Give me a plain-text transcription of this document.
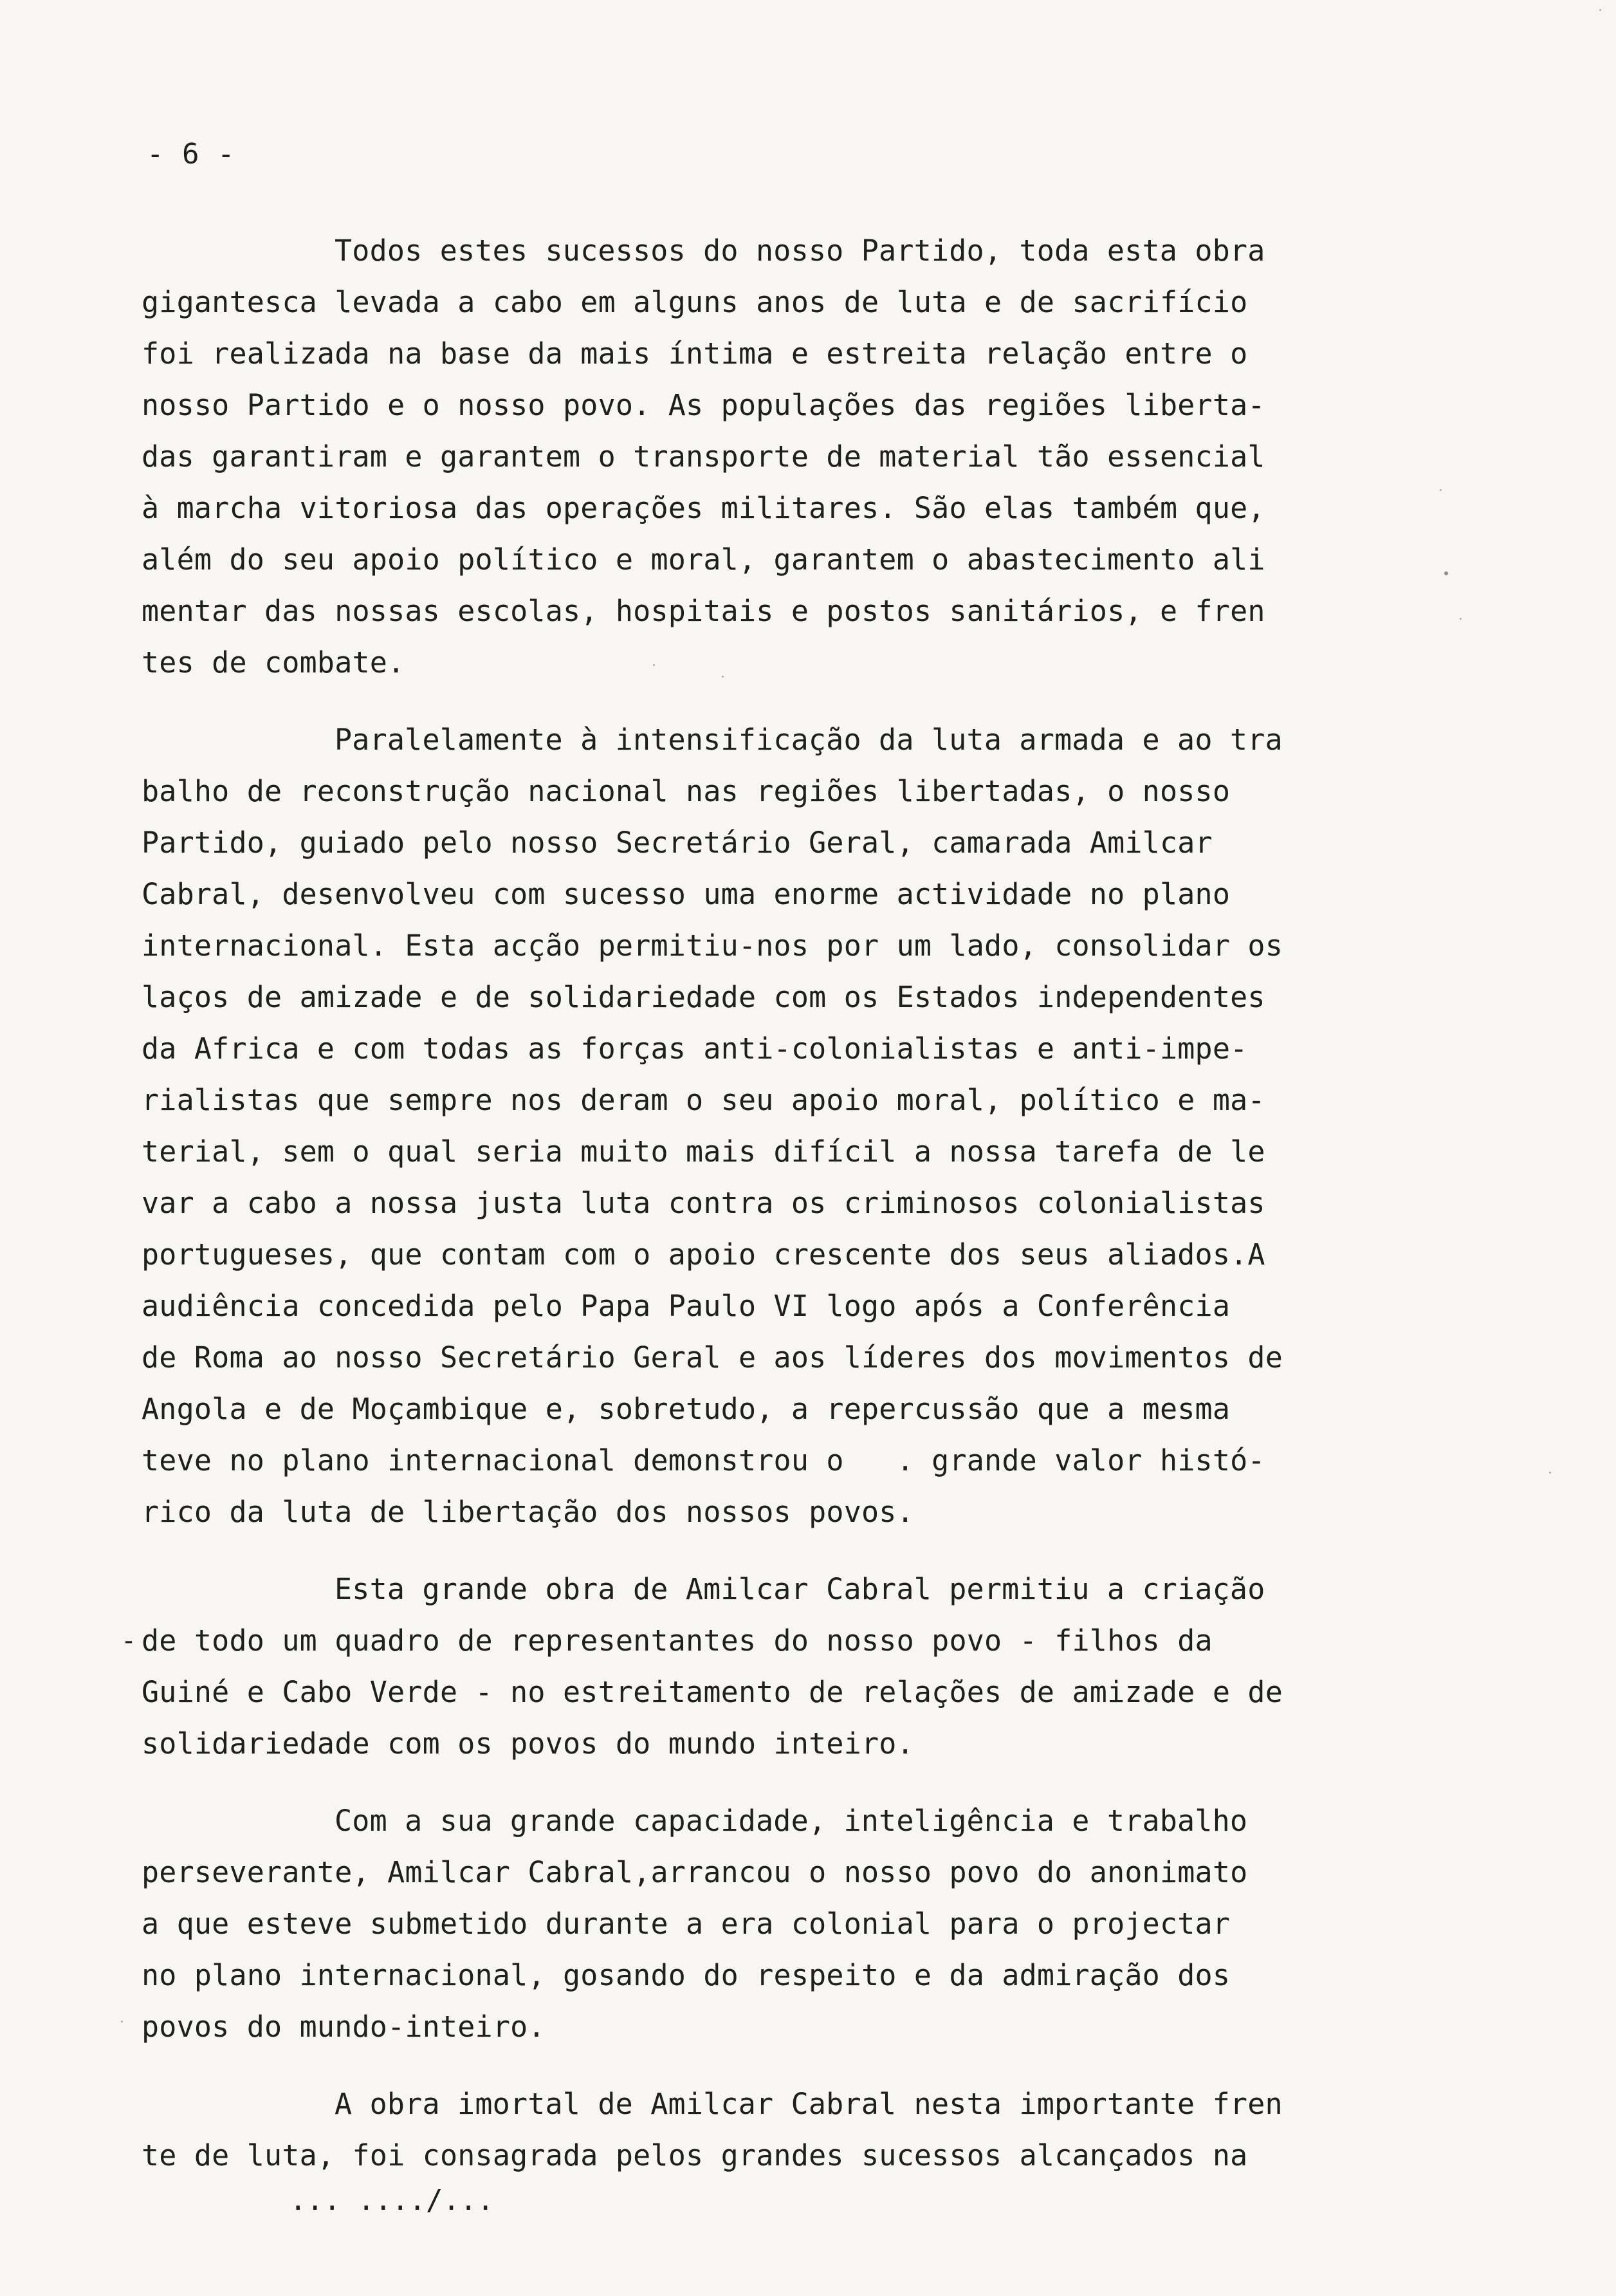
- 6 -
Todos estes sucessos do nosso Partido, toda esta obra
gigantesca levada a cabo em alguns anos de luta e de sacrifício
foi realizada na base da mais íntima e estreita relação entre o
nosso Partido e o nosso povo. As populações das regiões liberta-
das garantiram e garantem o transporte de material tão essencial
à marcha vitoriosa das operações militares. São elas também que,
além do seu apoio político e moral, garantem o abastecimento ali
mentar das nossas escolas, hospitais e postos sanitários, e fren
tes de combate.
Paralelamente à intensificação da luta armada e ao tra
balho de reconstrução nacional nas regiões libertadas, o nosso
Partido, guiado pelo nosso Secretário Geral, camarada Amilcar
Cabral, desenvolveu com sucesso uma enorme actividade no plano
internacional. Esta acção permitiu-nos por um lado, consolidar os
laços de amizade e de solidariedade com os Estados independentes
da Africa e com todas as forças anti-colonialistas e anti-impe-
rialistas que sempre nos deram o seu apoio moral, político e ma-
terial, sem o qual seria muito mais difícil a nossa tarefa de le
var a cabo a nossa justa luta contra os criminosos colonialistas
portugueses, que contam com o apoio crescente dos seus aliados.A
audiência concedida pelo Papa Paulo VI logo após a Conferência
de Roma ao nosso Secretário Geral e aos líderes dos movimentos de
Angola e de Moçambique e, sobretudo, a repercussão que a mesma
teve no plano internacional demonstrou o   . grande valor histó-
rico da luta de libertação dos nossos povos.
Esta grande obra de Amilcar Cabral permitiu a criação
- de todo um quadro de representantes do nosso povo - filhos da
Guiné e Cabo Verde - no estreitamento de relações de amizade e de
solidariedade com os povos do mundo inteiro.
Com a sua grande capacidade, inteligência e trabalho
perseverante, Amilcar Cabral,arrancou o nosso povo do anonimato
a que esteve submetido durante a era colonial para o projectar
no plano internacional, gosando do respeito e da admiração dos
povos do mundo-inteiro.
A obra imortal de Amilcar Cabral nesta importante fren
te de luta, foi consagrada pelos grandes sucessos alcançados na
... ..../...
